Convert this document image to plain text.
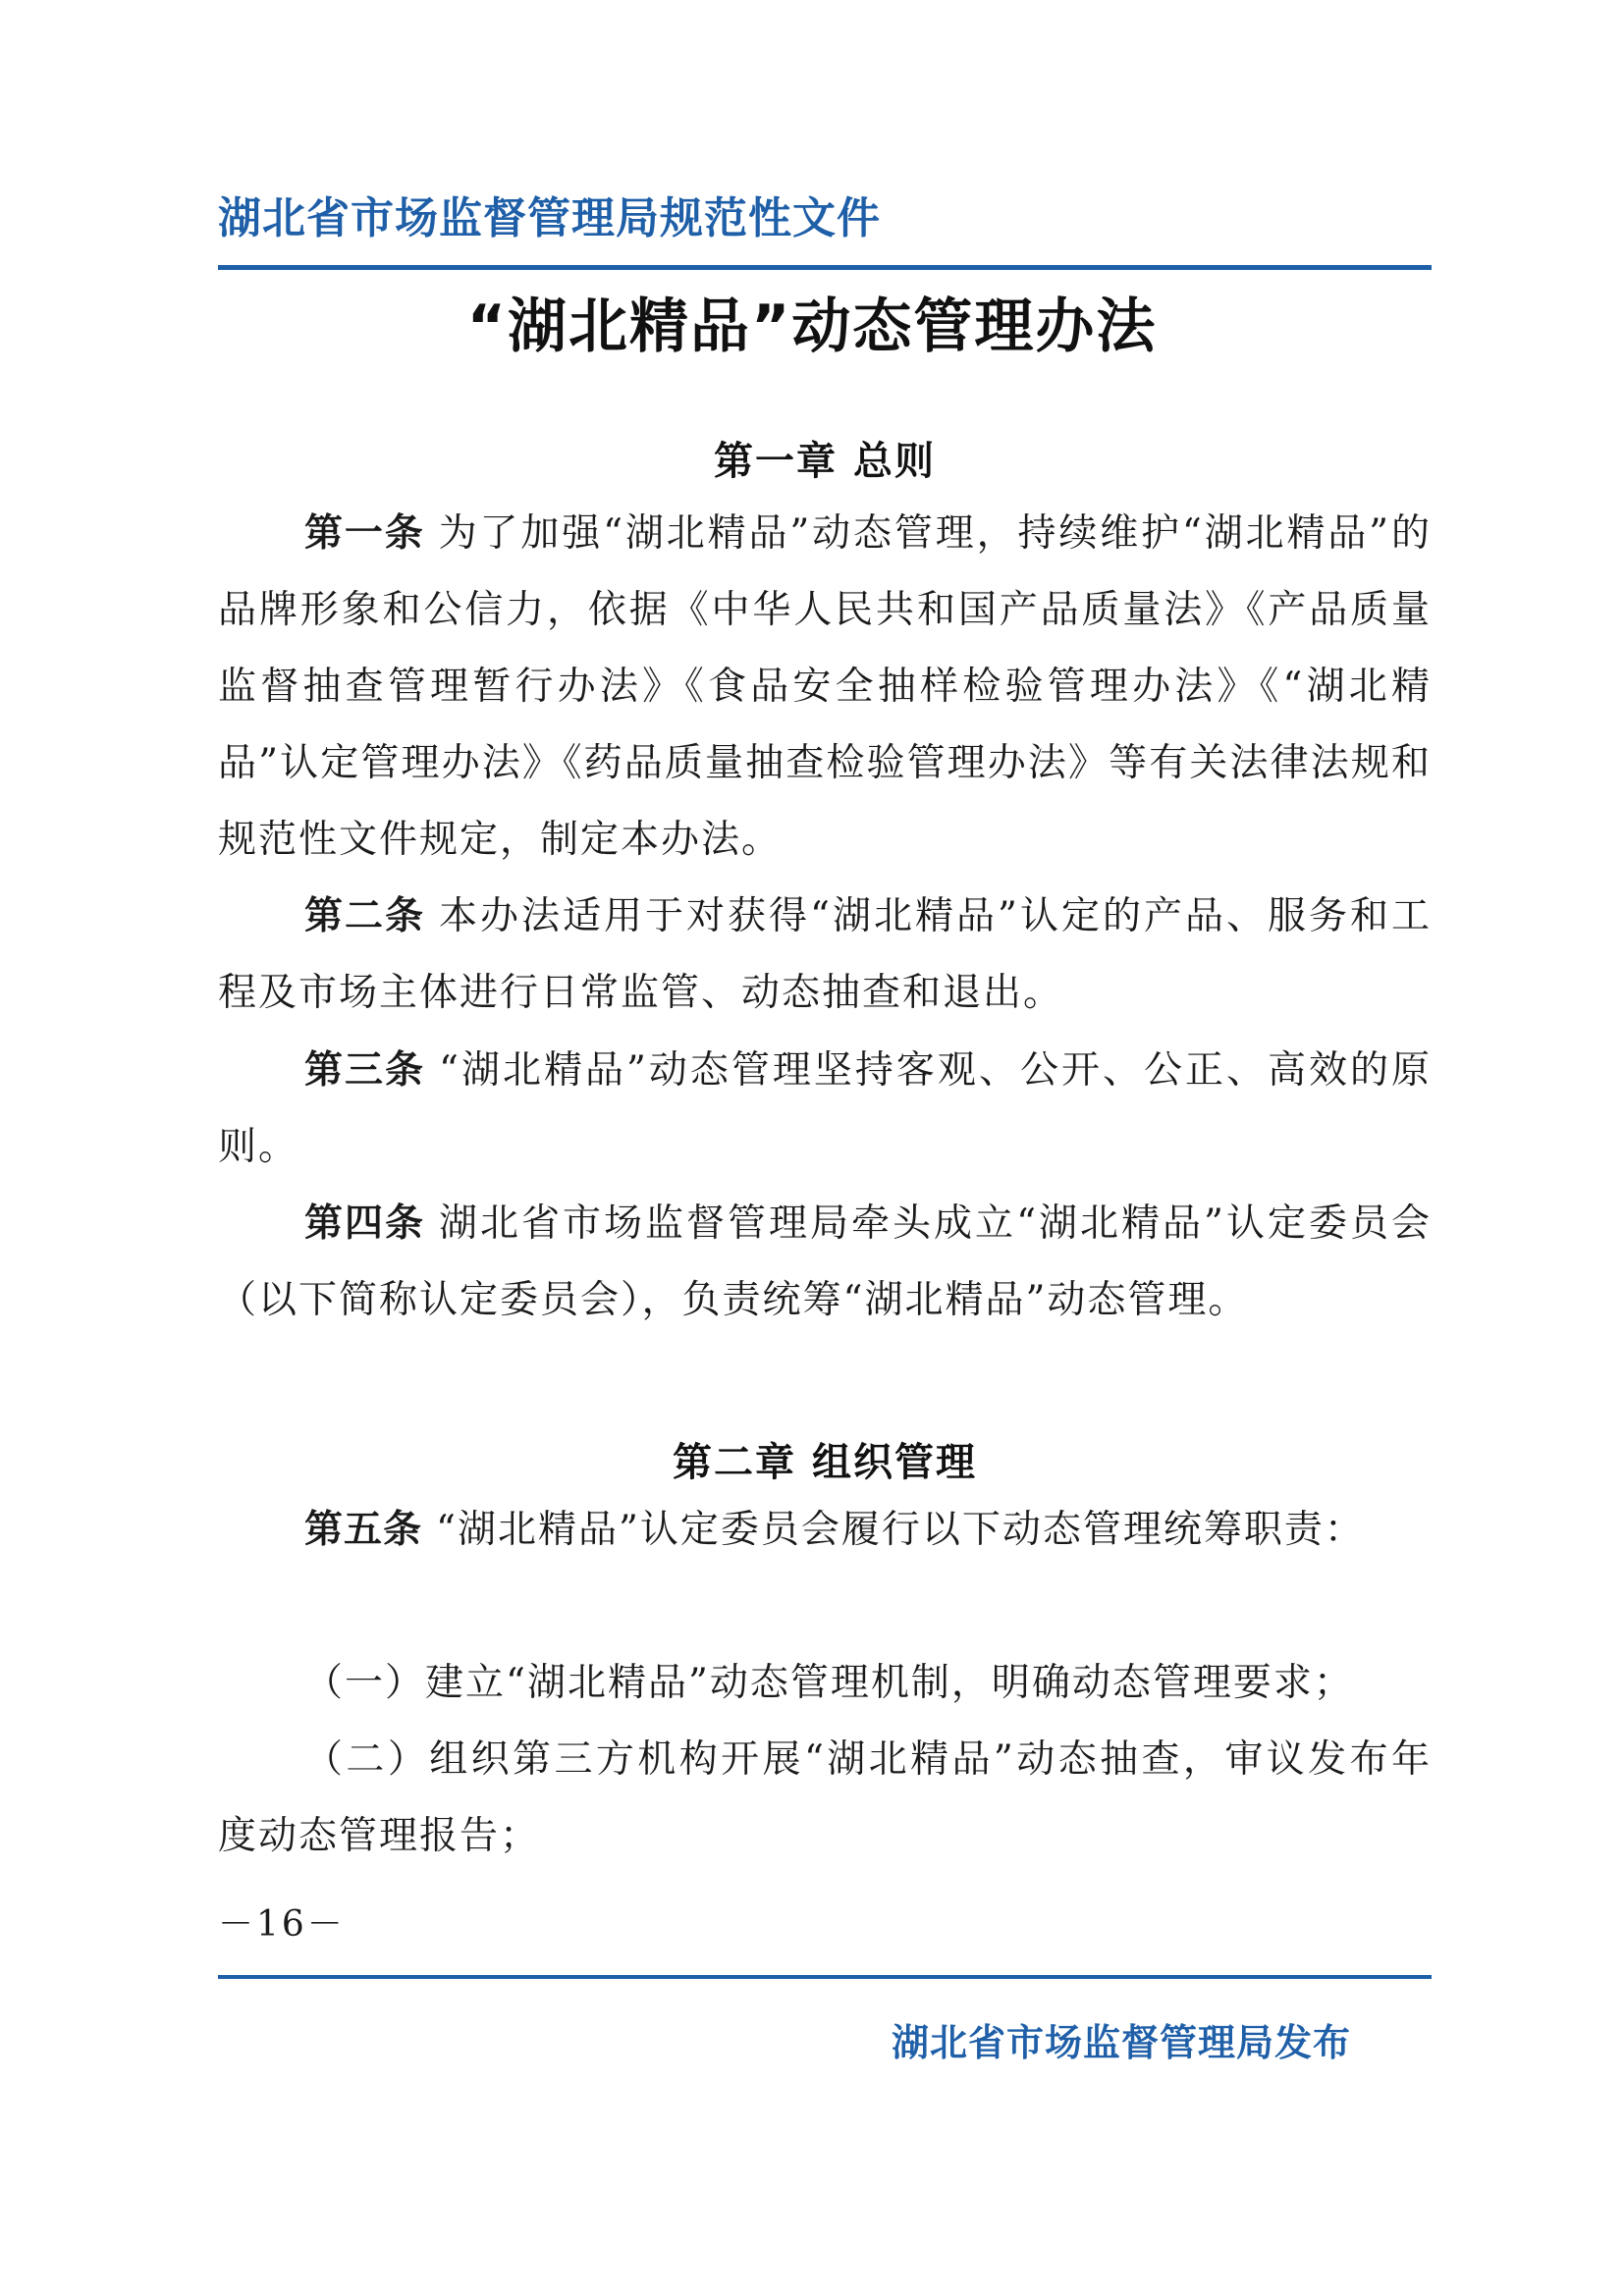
湖北省市场监督管理局规范性文件
“湖北精品”动态管理办法
第一章 总则

第一条 为了加强“湖北精品”动态管理，持续维护“湖北精品”的品牌形象和公信力，依据《中华人民共和国产品质量法》《产品质量监督抽查管理暂行办法》《食品安全抽样检验管理办法》《“湖北精品”认定管理办法》《药品质量抽查检验管理办法》等有关法律法规和规范性文件规定，制定本办法。

第二条 本办法适用于对获得“湖北精品”认定的产品、服务和工程及市场主体进行日常监管、动态抽查和退出。

第三条 “湖北精品”动态管理坚持客观、公开、公正、高效的原则。

第四条 湖北省市场监督管理局牵头成立“湖北精品”认定委员会（以下简称认定委员会），负责统筹“湖北精品”动态管理。

第二章 组织管理

第五条 “湖北精品”认定委员会履行以下动态管理统筹职责：

（一）建立“湖北精品”动态管理机制，明确动态管理要求；

（二）组织第三方机构开展“湖北精品”动态抽查，审议发布年度动态管理报告；

－16－
湖北省市场监督管理局发布
